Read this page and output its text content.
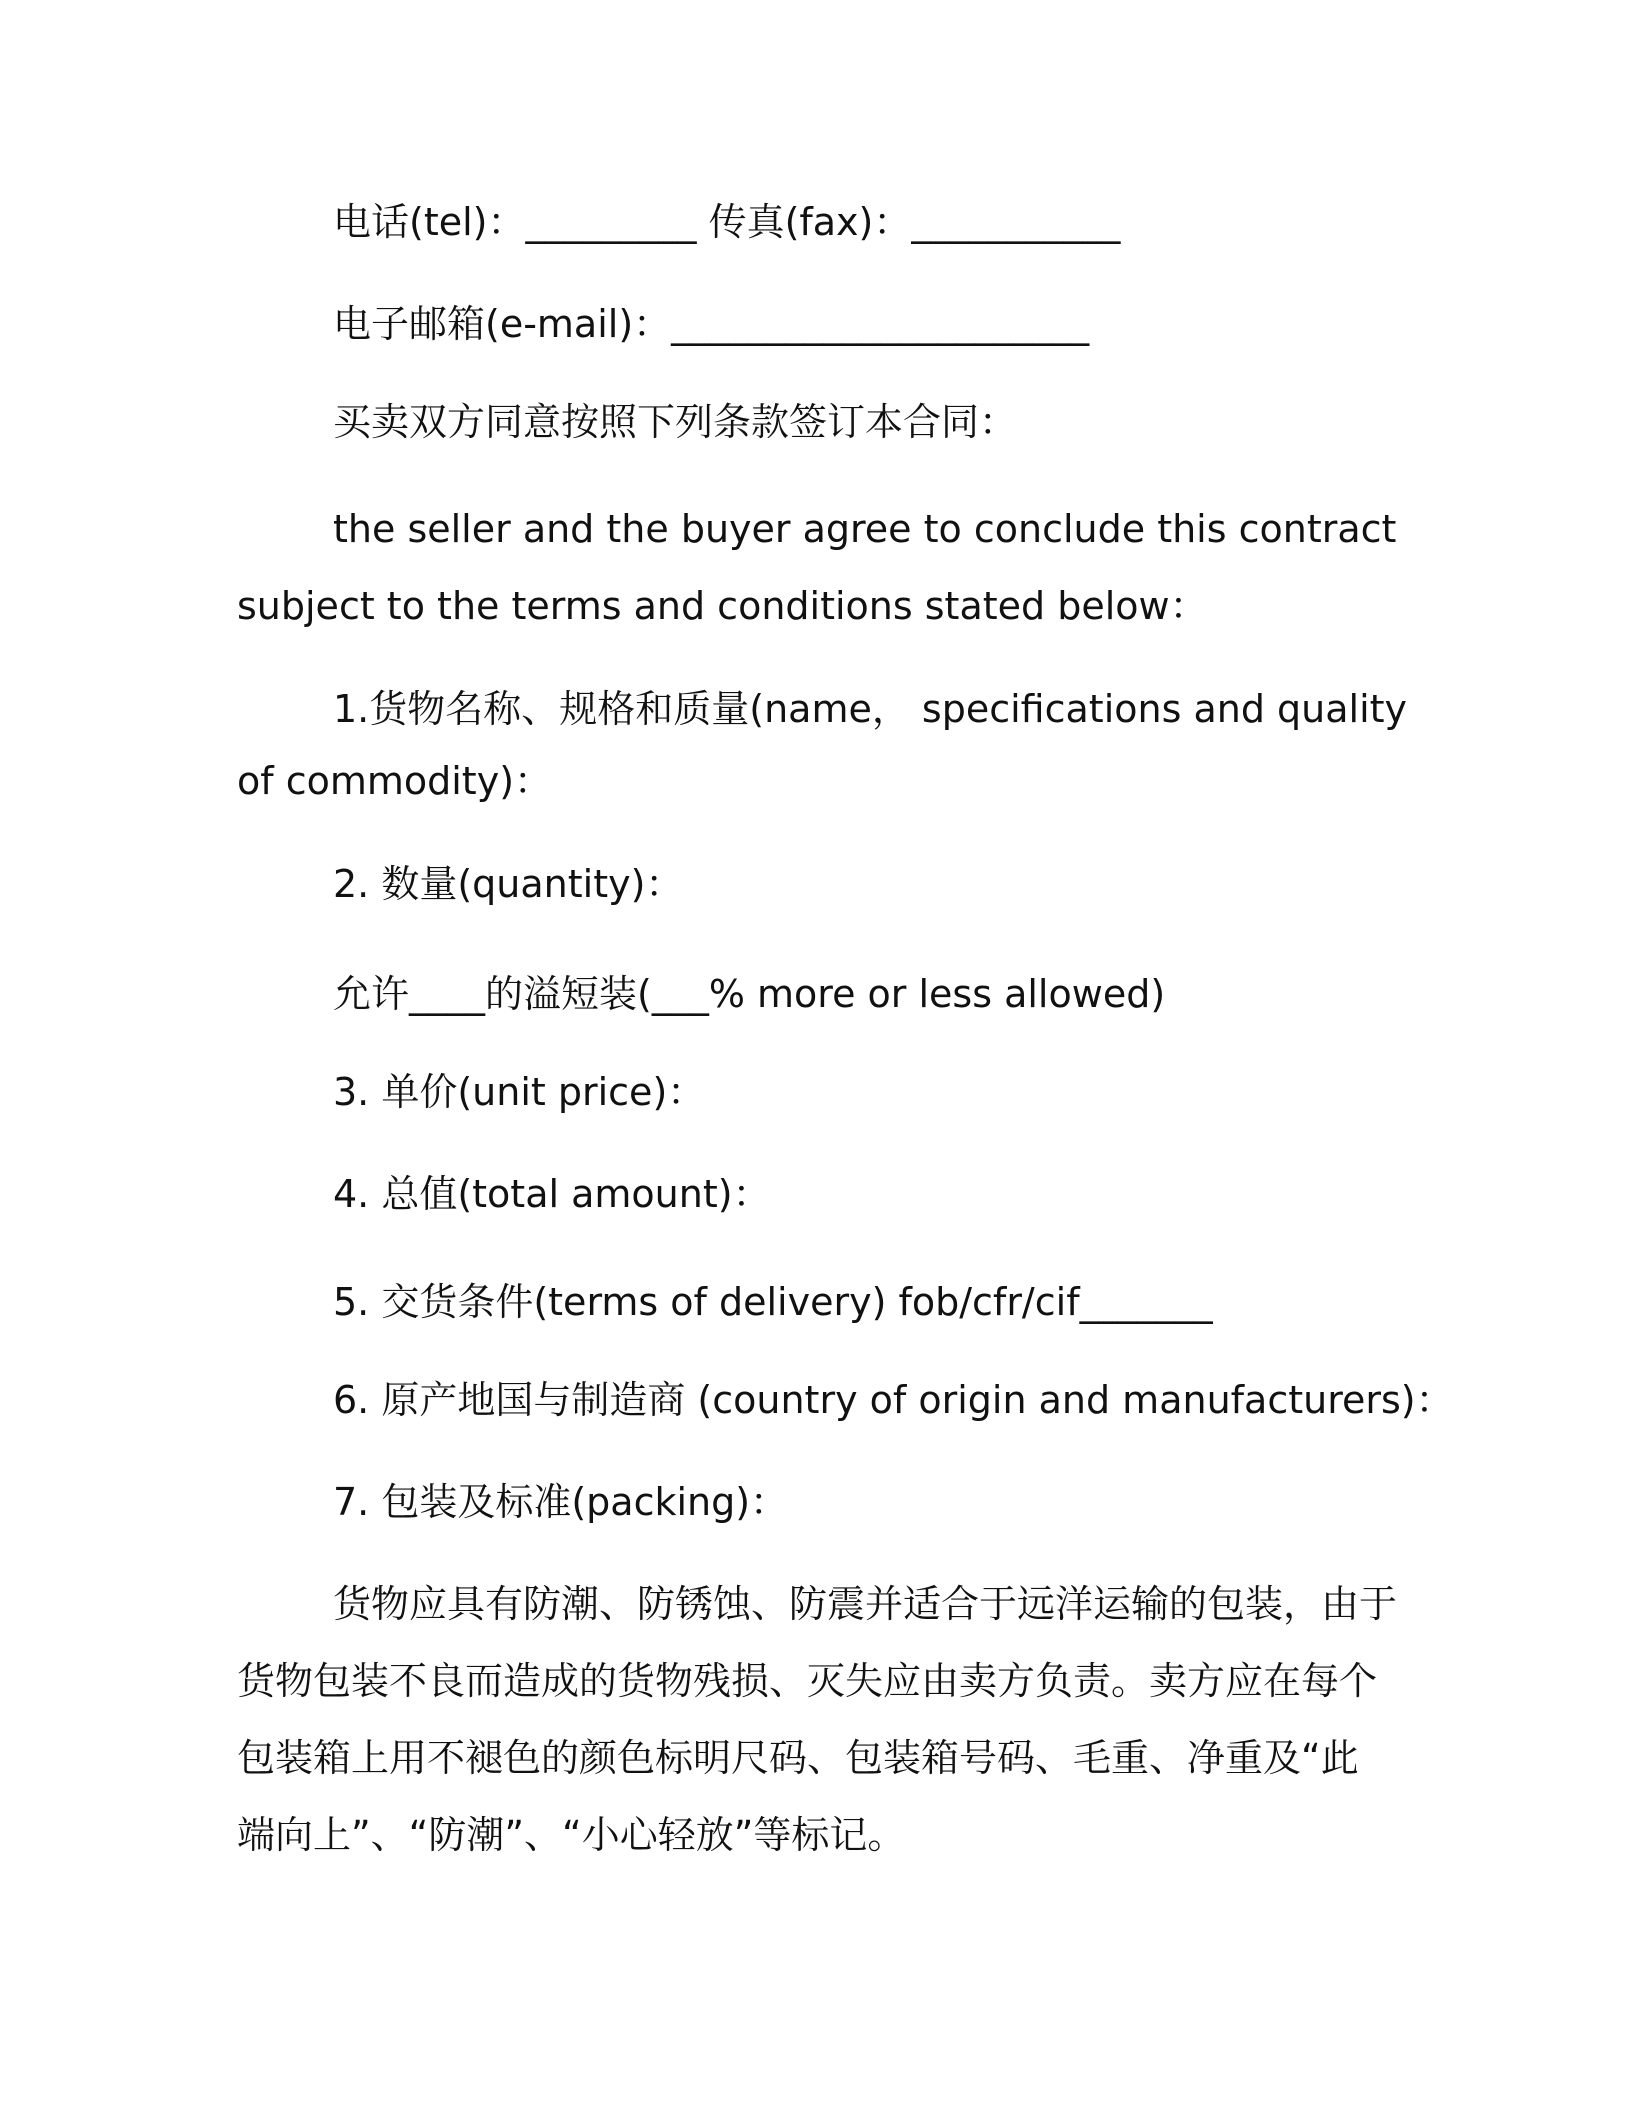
电话(tel)：_________ 传真(fax)：___________
电子邮箱(e-mail)：______________________
买卖双方同意按照下列条款签订本合同：
the seller and the buyer agree to conclude this contract
subject to the terms and conditions stated below：
1.货物名称、规格和质量(name， specifications and quality
of commodity)：
2. 数量(quantity)：
允许____的溢短装(___% more or less allowed)
3. 单价(unit price)：
4. 总值(total amount)：
5. 交货条件(terms of delivery) fob/cfr/cif_______
6. 原产地国与制造商 (country of origin and manufacturers)：
7. 包装及标准(packing)：
货物应具有防潮、防锈蚀、防震并适合于远洋运输的包装，由于
货物包装不良而造成的货物残损、灭失应由卖方负责。卖方应在每个
包装箱上用不褪色的颜色标明尺码、包装箱号码、毛重、净重及“此
端向上”、“防潮”、“小心轻放”等标记。
